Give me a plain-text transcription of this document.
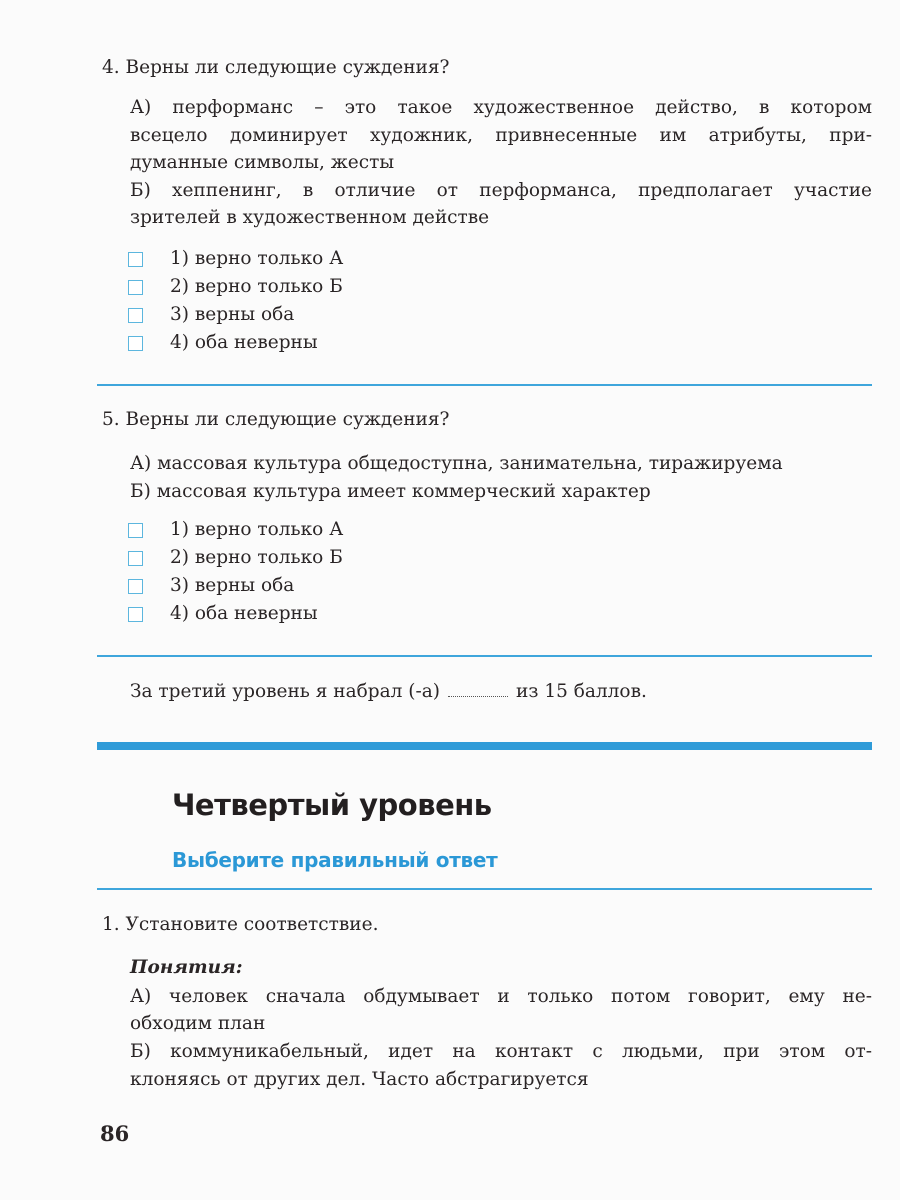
4. Верны ли следующие суждения?
А) перформанс – это такое художественное действо, в котором
всецело доминирует художник, привнесенные им атрибуты, при-
думанные символы, жесты
Б) хеппенинг, в отличие от перформанса, предполагает участие
зрителей в художественном действе
1) верно только А
2) верно только Б
3) верны оба
4) оба неверны
5. Верны ли следующие суждения?
А) массовая культура общедоступна, занимательна, тиражируема
Б) массовая культура имеет коммерческий характер
1) верно только А
2) верно только Б
3) верны оба
4) оба неверны
За третий уровень я набрал (-а)	из 15 баллов.
Четвертый уровень
Выберите правильный ответ
1. Установите соответствие.
Понятия:
А) человек сначала обдумывает и только потом говорит, ему не-
обходим план
Б) коммуникабельный, идет на контакт с людьми, при этом от-
клоняясь от других дел. Часто абстрагируется
86
